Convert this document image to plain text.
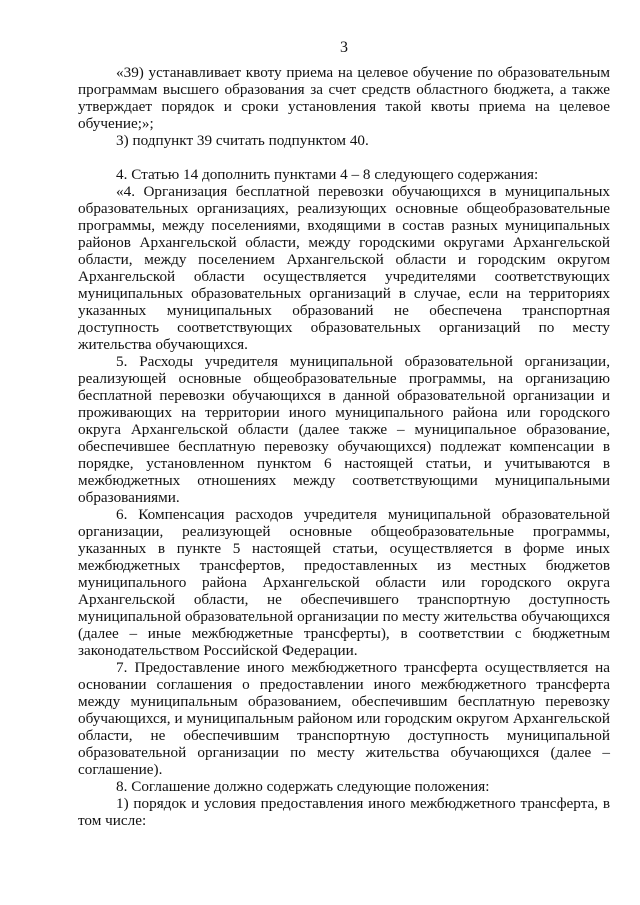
3

«39) устанавливает квоту приема на целевое обучение по образовательным программам высшего образования за счет средств областного бюджета, а также утверждает порядок и сроки установления такой квоты приема на целевое обучение;»;

3) подпункт 39 считать подпунктом 40.

4. Статью 14 дополнить пунктами 4 – 8 следующего содержания:

«4. Организация бесплатной перевозки обучающихся в муниципальных образовательных организациях, реализующих основные общеобразовательные программы, между поселениями, входящими в состав разных муниципальных районов Архангельской области, между городскими округами Архангельской области, между поселением Архангельской области и городским округом Архангельской области осуществляется учредителями соответствующих муниципальных образовательных организаций в случае, если на территориях указанных муниципальных образований не обеспечена транспортная доступность соответствующих образовательных организаций по месту жительства обучающихся.

5. Расходы учредителя муниципальной образовательной организации, реализующей основные общеобразовательные программы, на организацию бесплатной перевозки обучающихся в данной образовательной организации и проживающих на территории иного муниципального района или городского округа Архангельской области (далее также – муниципальное образование, обеспечившее бесплатную перевозку обучающихся) подлежат компенсации в порядке, установленном пунктом 6 настоящей статьи, и учитываются в межбюджетных отношениях между соответствующими муниципальными образованиями.

6. Компенсация расходов учредителя муниципальной образовательной организации, реализующей основные общеобразовательные программы, указанных в пункте 5 настоящей статьи, осуществляется в форме иных межбюджетных трансфертов, предоставленных из местных бюджетов муниципального района Архангельской области или городского округа Архангельской области, не обеспечившего транспортную доступность муниципальной образовательной организации по месту жительства обучающихся (далее – иные межбюджетные трансферты), в соответствии с бюджетным законодательством Российской Федерации.

7. Предоставление иного межбюджетного трансферта осуществляется на основании соглашения о предоставлении иного межбюджетного трансферта между муниципальным образованием, обеспечившим бесплатную перевозку обучающихся, и муниципальным районом или городским округом Архангельской области, не обеспечившим транспортную доступность муниципальной образовательной организации по месту жительства обучающихся (далее – соглашение).

8. Соглашение должно содержать следующие положения:

1) порядок и условия предоставления иного межбюджетного трансферта, в том числе:
